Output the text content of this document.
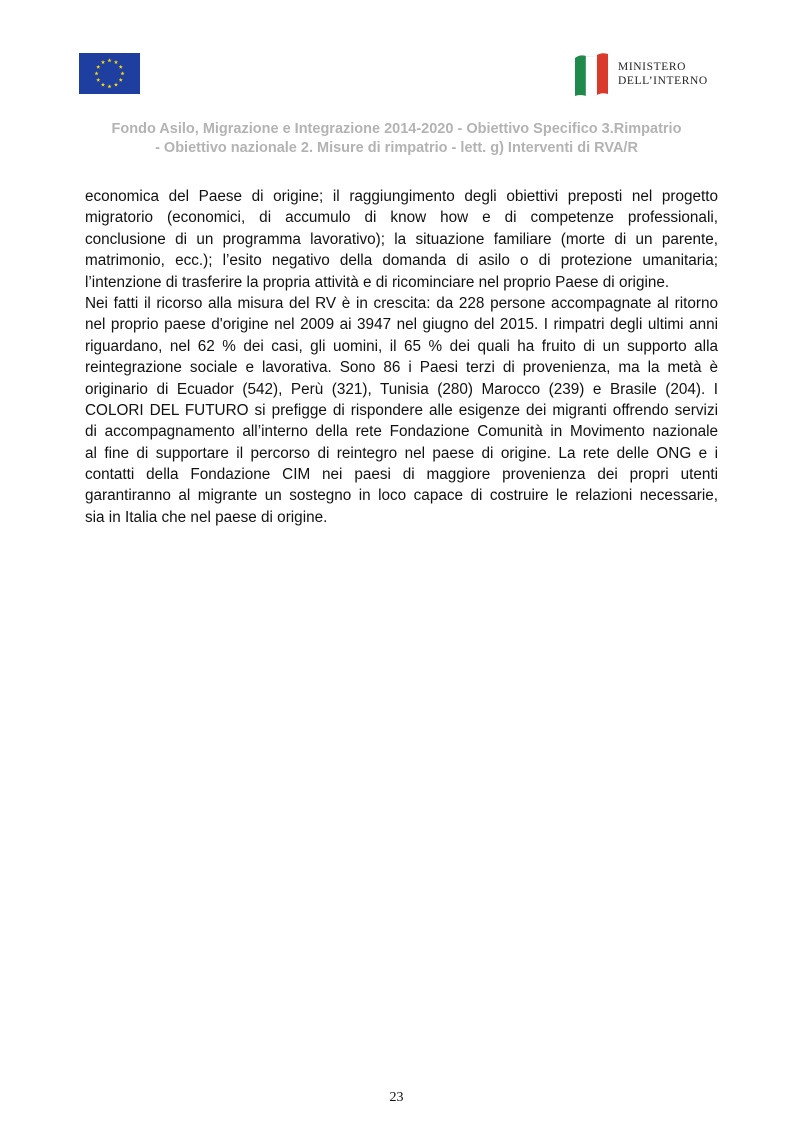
MINISTERO
DELL’INTERNO
Fondo Asilo, Migrazione e Integrazione 2014-2020 - Obiettivo Specifico 3.Rimpatrio
- Obiettivo nazionale 2. Misure di rimpatrio - lett. g) Interventi di RVA/R
economica del Paese di origine; il raggiungimento degli obiettivi preposti nel progetto
migratorio (economici, di accumulo di know how e di competenze professionali,
conclusione di un programma lavorativo); la situazione familiare (morte di un parente,
matrimonio, ecc.); l’esito negativo della domanda di asilo o di protezione umanitaria;
l’intenzione di trasferire la propria attività e di ricominciare nel proprio Paese di origine.
Nei fatti il ricorso alla misura del RV è in crescita: da 228 persone accompagnate al ritorno
nel proprio paese d'origine nel 2009 ai 3947 nel giugno del 2015. I rimpatri degli ultimi anni
riguardano, nel 62 % dei casi, gli uomini, il 65 % dei quali ha fruito di un supporto alla
reintegrazione sociale e lavorativa. Sono 86 i Paesi terzi di provenienza, ma la metà è
originario di Ecuador (542), Perù (321), Tunisia (280) Marocco (239) e Brasile (204). I
COLORI DEL FUTURO si prefigge di rispondere alle esigenze dei migranti offrendo servizi
di accompagnamento all’interno della rete Fondazione Comunità in Movimento nazionale
al fine di supportare il percorso di reintegro nel paese di origine. La rete delle ONG e i
contatti della Fondazione CIM nei paesi di maggiore provenienza dei propri utenti
garantiranno al migrante un sostegno in loco capace di costruire le relazioni necessarie,
sia in Italia che nel paese di origine.
23
